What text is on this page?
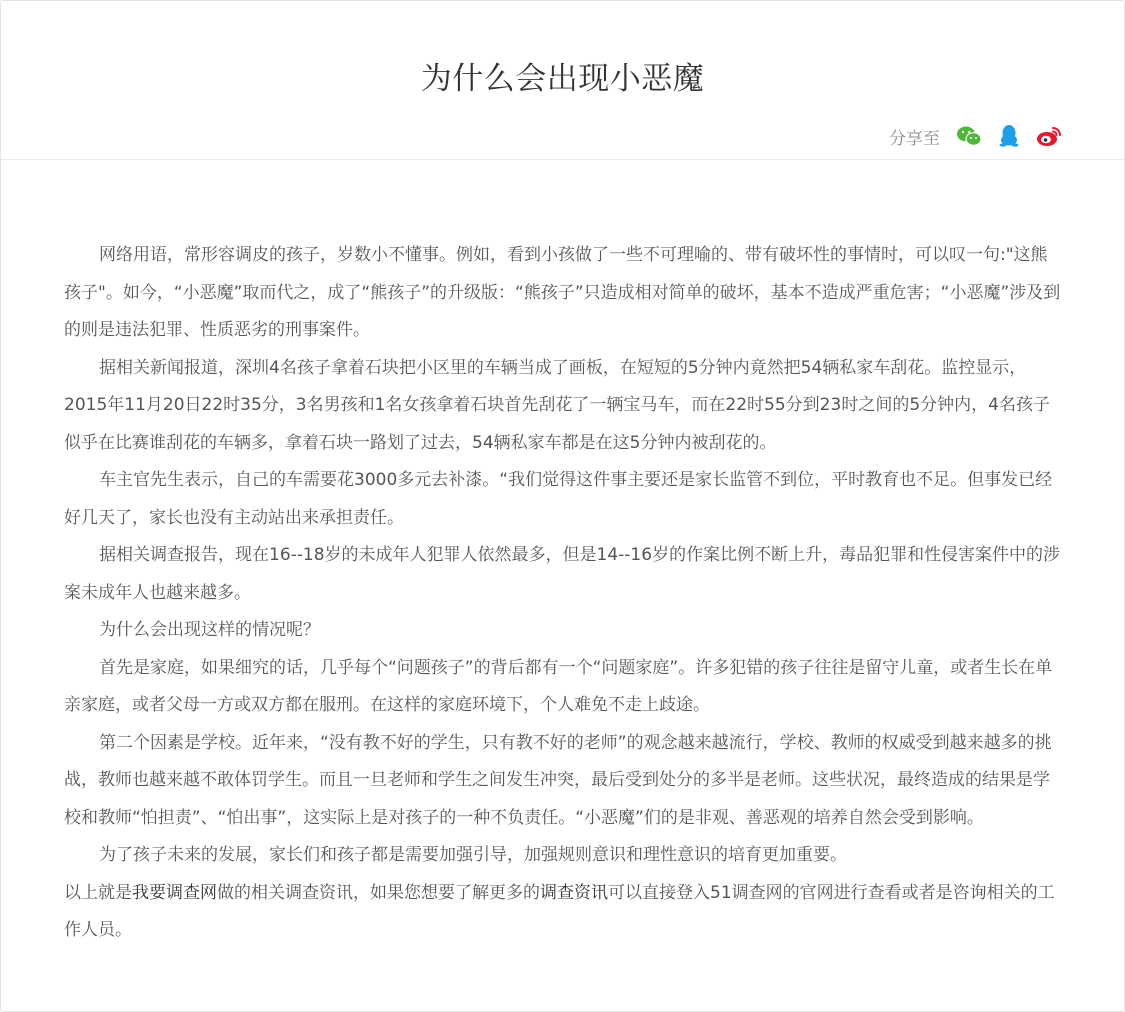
为什么会出现小恶魔
分享至

网络用语，常形容调皮的孩子，岁数小不懂事。例如，看到小孩做了一些不可理喻的、带有破坏性的事情时，可以叹一句:"这熊孩子"。如今，“小恶魔”取而代之，成了“熊孩子”的升级版：“熊孩子”只造成相对简单的破坏，基本不造成严重危害；“小恶魔”涉及到的则是违法犯罪、性质恶劣的刑事案件。

据相关新闻报道，深圳4名孩子拿着石块把小区里的车辆当成了画板，在短短的5分钟内竟然把54辆私家车刮花。监控显示，2015年11月20日22时35分，3名男孩和1名女孩拿着石块首先刮花了一辆宝马车，而在22时55分到23时之间的5分钟内，4名孩子似乎在比赛谁刮花的车辆多，拿着石块一路划了过去，54辆私家车都是在这5分钟内被刮花的。

车主官先生表示，自己的车需要花3000多元去补漆。“我们觉得这件事主要还是家长监管不到位，平时教育也不足。但事发已经好几天了，家长也没有主动站出来承担责任。

据相关调查报告，现在16--18岁的未成年人犯罪人依然最多，但是14--16岁的作案比例不断上升，毒品犯罪和性侵害案件中的涉案未成年人也越来越多。

为什么会出现这样的情况呢？

首先是家庭，如果细究的话，几乎每个“问题孩子”的背后都有一个“问题家庭”。许多犯错的孩子往往是留守儿童，或者生长在单亲家庭，或者父母一方或双方都在服刑。在这样的家庭环境下，个人难免不走上歧途。

第二个因素是学校。近年来，“没有教不好的学生，只有教不好的老师”的观念越来越流行，学校、教师的权威受到越来越多的挑战，教师也越来越不敢体罚学生。而且一旦老师和学生之间发生冲突，最后受到处分的多半是老师。这些状况，最终造成的结果是学校和教师“怕担责”、“怕出事”，这实际上是对孩子的一种不负责任。“小恶魔”们的是非观、善恶观的培养自然会受到影响。

为了孩子未来的发展，家长们和孩子都是需要加强引导，加强规则意识和理性意识的培育更加重要。

以上就是我要调查网做的相关调查资讯，如果您想要了解更多的调查资讯可以直接登入51调查网的官网进行查看或者是咨询相关的工作人员。
